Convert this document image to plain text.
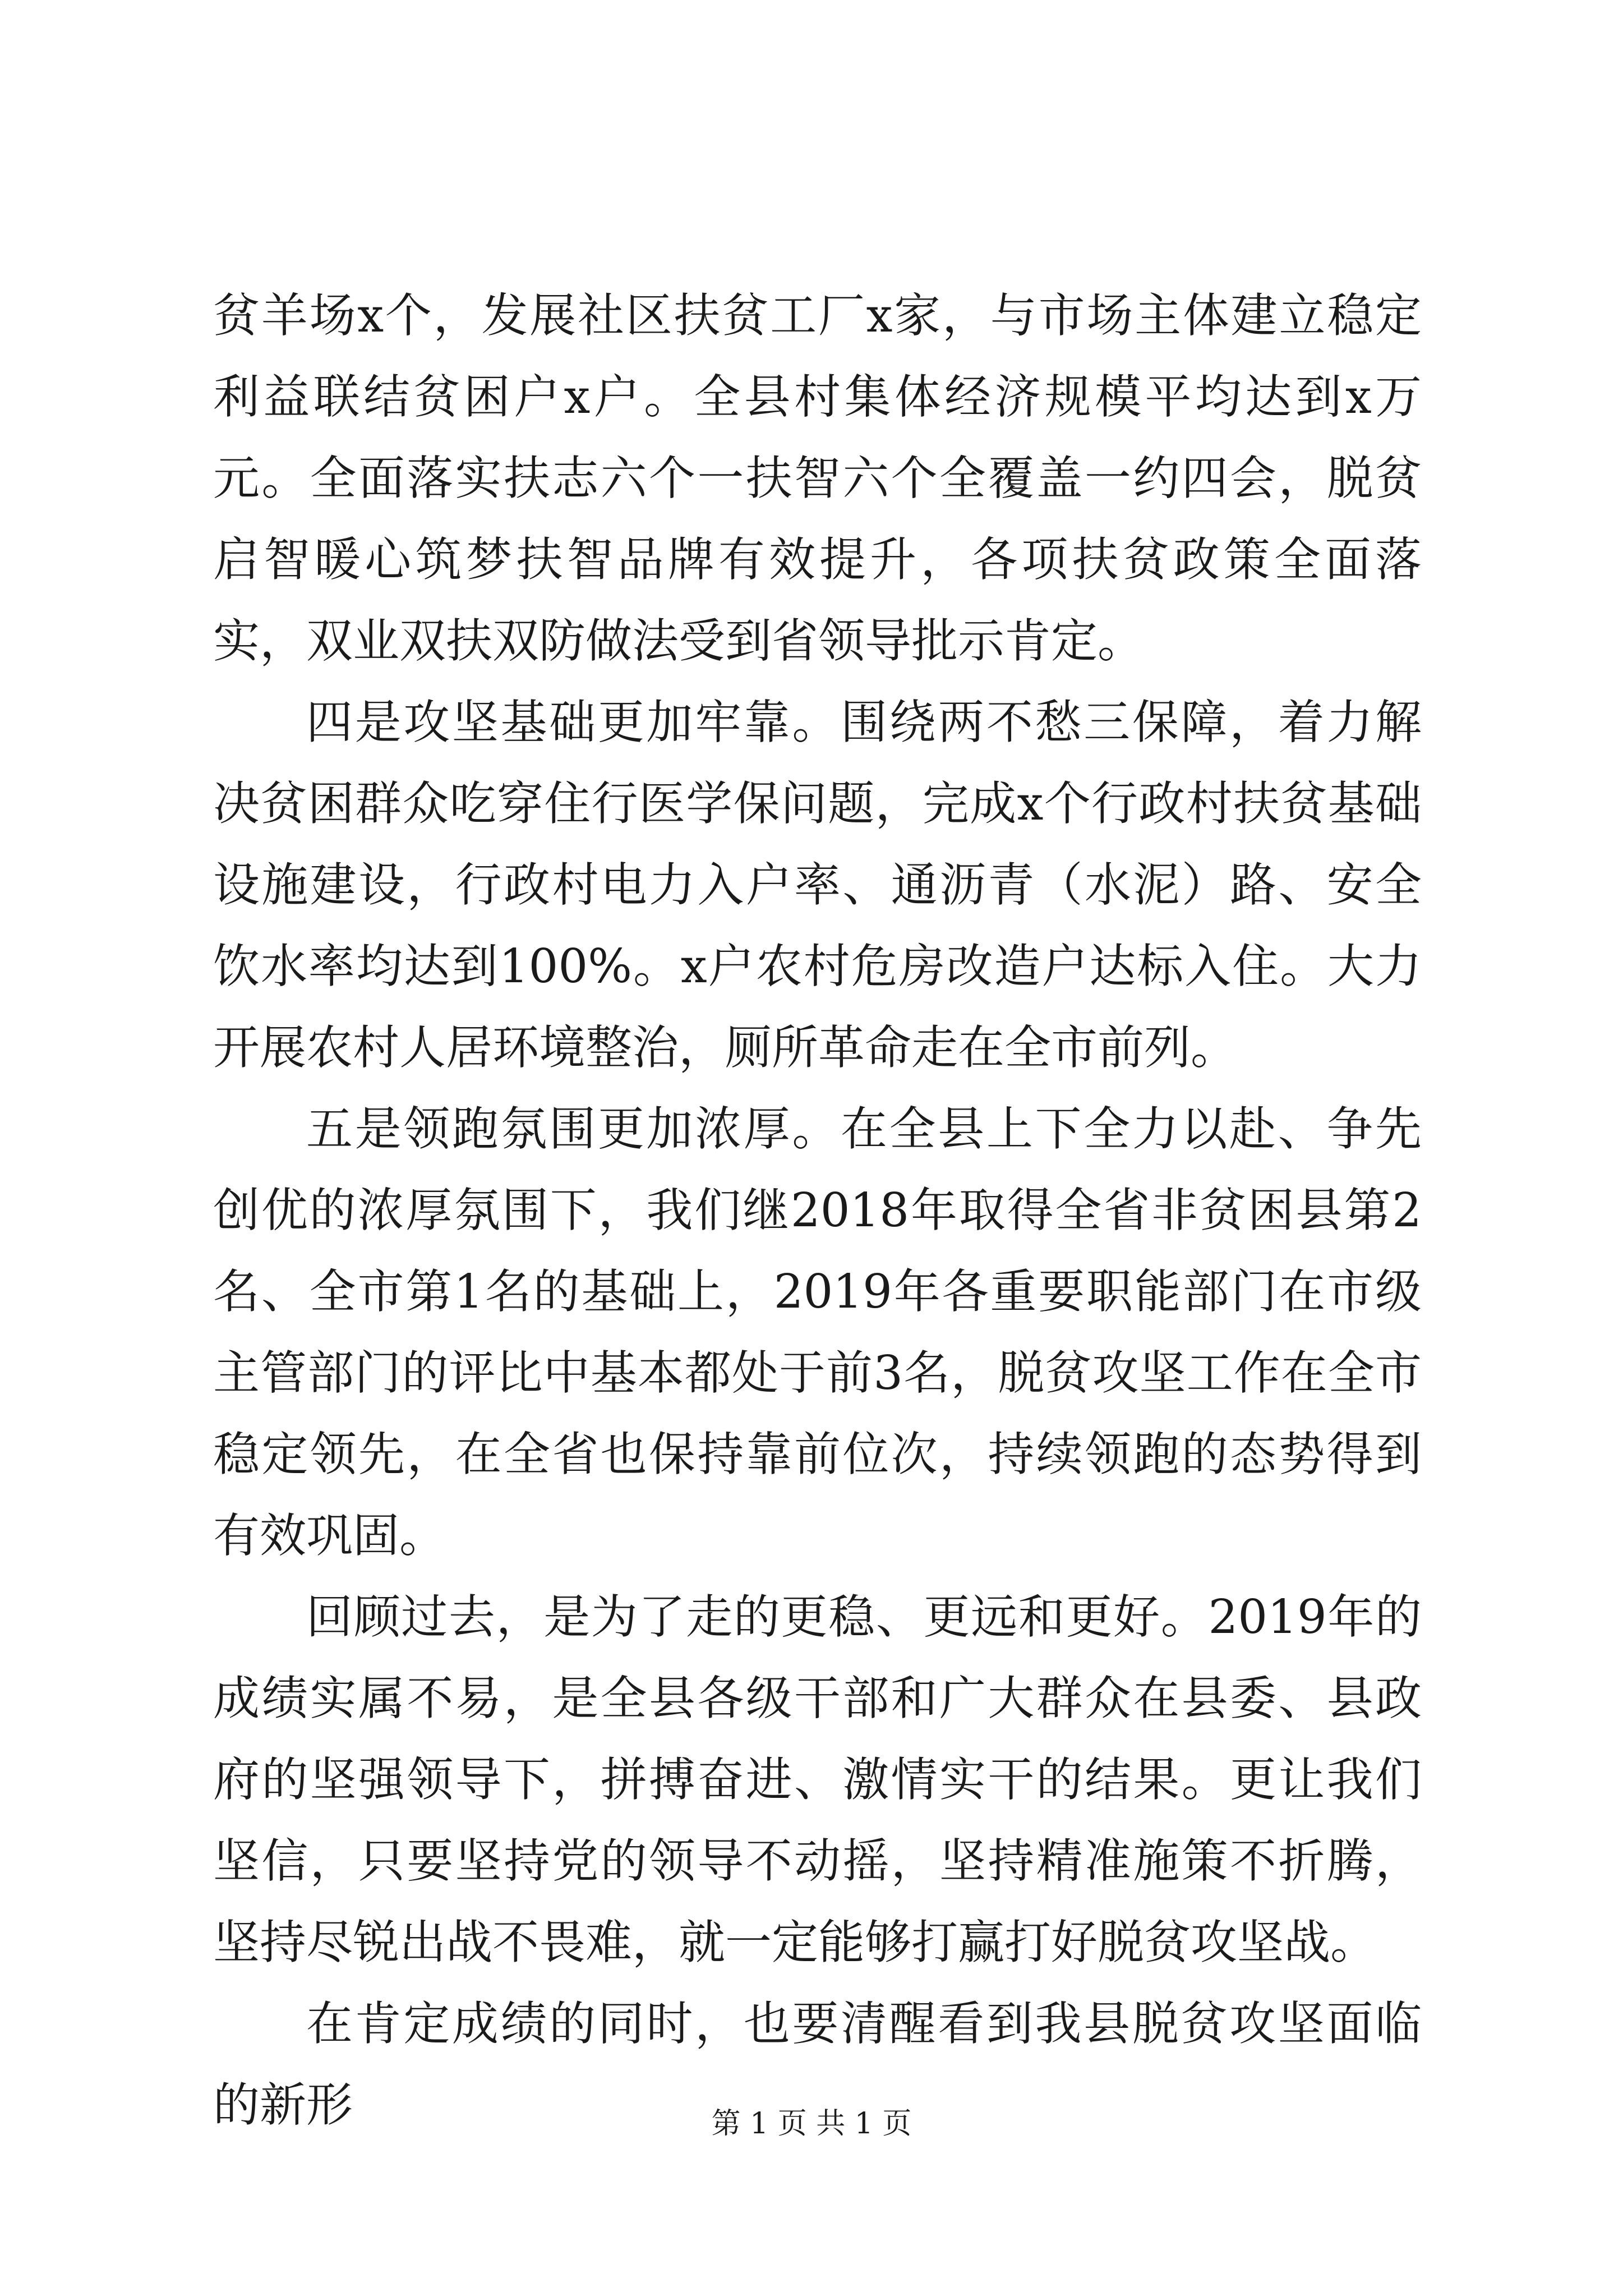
贫羊场x个，发展社区扶贫工厂x家，与市场主体建立稳定利益联结贫困户x户。全县村集体经济规模平均达到x万元。全面落实扶志六个一扶智六个全覆盖一约四会，脱贫启智暖心筑梦扶智品牌有效提升，各项扶贫政策全面落实，双业双扶双防做法受到省领导批示肯定。

四是攻坚基础更加牢靠。围绕两不愁三保障，着力解决贫困群众吃穿住行医学保问题，完成x个行政村扶贫基础设施建设，行政村电力入户率、通沥青（水泥）路、安全饮水率均达到100%。x户农村危房改造户达标入住。大力开展农村人居环境整治，厕所革命走在全市前列。

五是领跑氛围更加浓厚。在全县上下全力以赴、争先创优的浓厚氛围下，我们继2018年取得全省非贫困县第2名、全市第1名的基础上，2019年各重要职能部门在市级主管部门的评比中基本都处于前3名，脱贫攻坚工作在全市稳定领先，在全省也保持靠前位次，持续领跑的态势得到有效巩固。

回顾过去，是为了走的更稳、更远和更好。2019年的成绩实属不易，是全县各级干部和广大群众在县委、县政府的坚强领导下，拼搏奋进、激情实干的结果。更让我们坚信，只要坚持党的领导不动摇，坚持精准施策不折腾，坚持尽锐出战不畏难，就一定能够打赢打好脱贫攻坚战。

在肯定成绩的同时，也要清醒看到我县脱贫攻坚面临的新形	第 1 页 共 1 页
